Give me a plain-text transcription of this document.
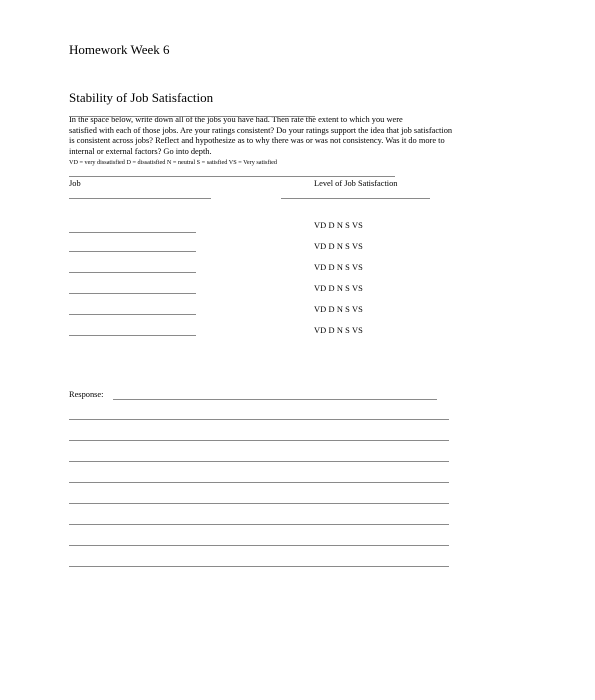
Homework Week 6
Stability of Job Satisfaction
In the space below, write down all of the jobs you have had. Then rate the extent to which you were
satisfied with each of those jobs. Are your ratings consistent? Do your ratings support the idea that job satisfaction
is consistent across jobs? Reflect and hypothesize as to why there was or was not consistency. Was it do more to
internal or external factors? Go into depth.
VD = very dissatisfied D = dissatisfied N = neutral S = satisfied VS = Very satisfied
Job	Level of Job Satisfaction
VD D N S VS
VD D N S VS
VD D N S VS
VD D N S VS
VD D N S VS
VD D N S VS
Response:
